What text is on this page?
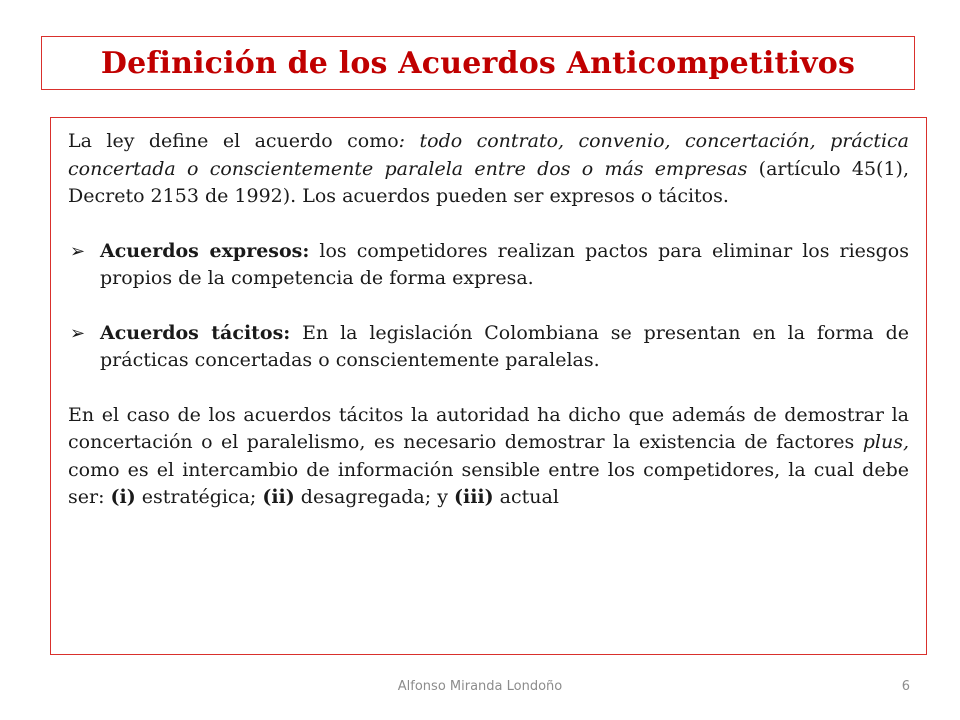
Definición de los Acuerdos Anticompetitivos

La ley define el acuerdo como: todo contrato, convenio, concertación, práctica concertada o conscientemente paralela entre dos o más empresas (artículo 45(1), Decreto 2153 de 1992). Los acuerdos pueden ser expresos o tácitos.

➢ Acuerdos expresos: los competidores realizan pactos para eliminar los riesgos propios de la competencia de forma expresa.

➢ Acuerdos tácitos: En la legislación Colombiana se presentan en la forma de prácticas concertadas o conscientemente paralelas.

En el caso de los acuerdos tácitos la autoridad ha dicho que además de demostrar la concertación o el paralelismo, es necesario demostrar la existencia de factores plus, como es el intercambio de información sensible entre los competidores, la cual debe ser: (i) estratégica; (ii) desagregada; y (iii) actual

Alfonso Miranda Londoño	6
